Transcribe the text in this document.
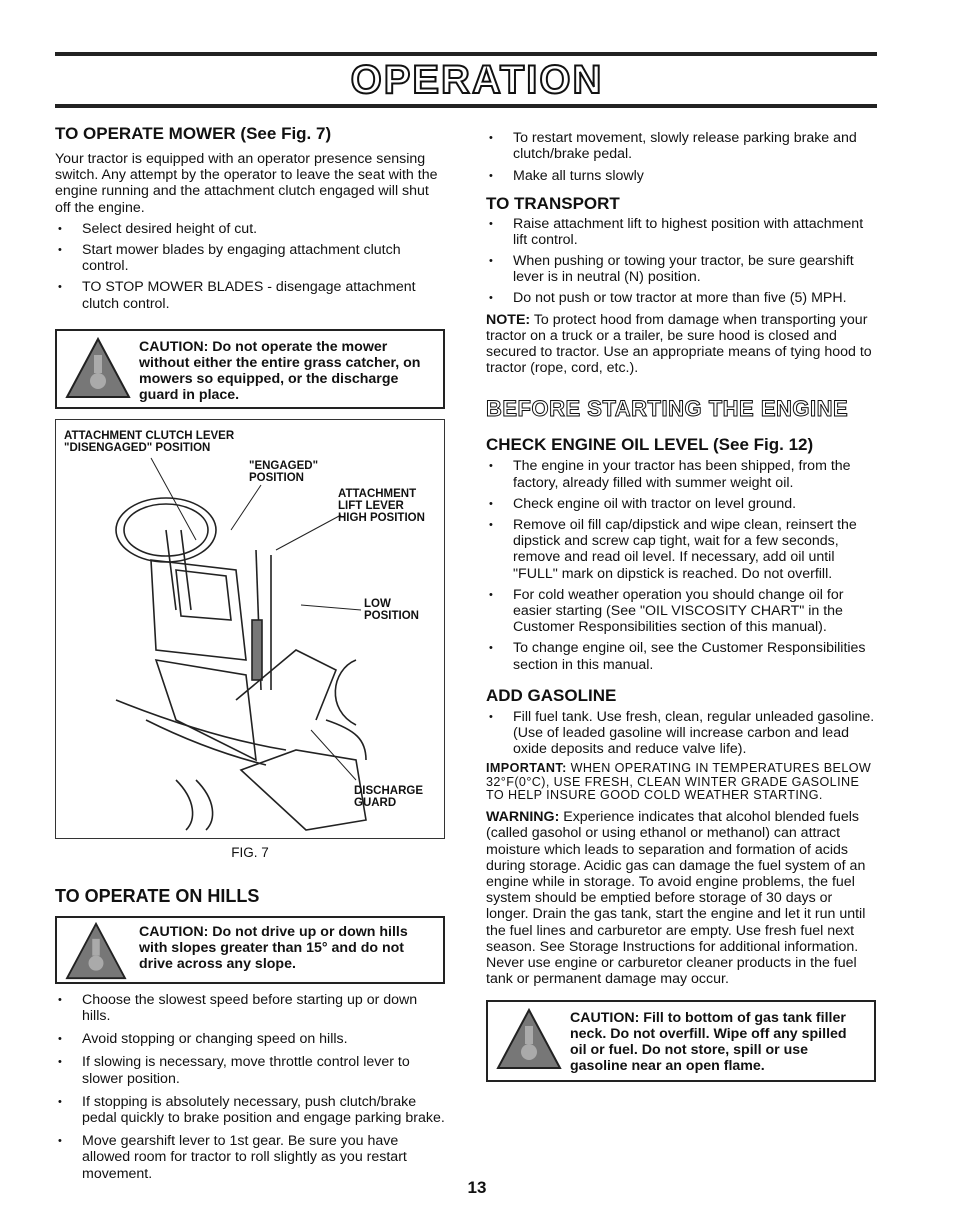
OPERATION
TO OPERATE MOWER (See Fig. 7)

Your tractor is equipped with an operator presence sensing switch. Any attempt by the operator to leave the seat with the engine running and the attachment clutch engaged will shut off the engine.

• Select desired height of cut.
• Start mower blades by engaging attachment clutch control.
• TO STOP MOWER BLADES - disengage attachment clutch control.
CAUTION: Do not operate the mower without either the entire grass catcher, on mowers so equipped, or the discharge guard in place.
ATTACHMENT CLUTCH LEVER
"DISENGAGED" POSITION
"ENGAGED"
POSITION
ATTACHMENT
LIFT LEVER
HIGH POSITION
LOW
POSITION
DISCHARGE
GUARD
FIG. 7
TO OPERATE ON HILLS
CAUTION: Do not drive up or down hills with slopes greater than 15° and do not drive across any slope.
• Choose the slowest speed before starting up or down hills.
• Avoid stopping or changing speed on hills.
• If slowing is necessary, move throttle control lever to slower position.
• If stopping is absolutely necessary, push clutch/brake pedal quickly to brake position and engage parking brake.
• Move gearshift lever to 1st gear. Be sure you have allowed room for tractor to roll slightly as you restart movement.
• To restart movement, slowly release parking brake and clutch/brake pedal.
• Make all turns slowly
TO TRANSPORT
• Raise attachment lift to highest position with attachment lift control.
• When pushing or towing your tractor, be sure gearshift lever is in neutral (N) position.
• Do not push or tow tractor at more than five (5) MPH.

NOTE: To protect hood from damage when transporting your tractor on a truck or a trailer, be sure hood is closed and secured to tractor. Use an appropriate means of tying hood to tractor (rope, cord, etc.).

BEFORE STARTING THE ENGINE
CHECK ENGINE OIL LEVEL (See Fig. 12)
• The engine in your tractor has been shipped, from the factory, already filled with summer weight oil.
• Check engine oil with tractor on level ground.
• Remove oil fill cap/dipstick and wipe clean, reinsert the dipstick and screw cap tight, wait for a few seconds, remove and read oil level. If necessary, add oil until "FULL" mark on dipstick is reached. Do not overfill.
• For cold weather operation you should change oil for easier starting (See "OIL VISCOSITY CHART" in the Customer Responsibilities section of this manual).
• To change engine oil, see the Customer Responsibilities section in this manual.
ADD GASOLINE
• Fill fuel tank. Use fresh, clean, regular unleaded gasoline. (Use of leaded gasoline will increase carbon and lead oxide deposits and reduce valve life).

IMPORTANT: WHEN OPERATING IN TEMPERATURES BELOW 32°F(0°C), USE FRESH, CLEAN WINTER GRADE GASOLINE TO HELP INSURE GOOD COLD WEATHER STARTING.

WARNING: Experience indicates that alcohol blended fuels (called gasohol or using ethanol or methanol) can attract moisture which leads to separation and formation of acids during storage. Acidic gas can damage the fuel system of an engine while in storage. To avoid engine problems, the fuel system should be emptied before storage of 30 days or longer. Drain the gas tank, start the engine and let it run until the fuel lines and carburetor are empty. Use fresh fuel next season. See Storage Instructions for additional information. Never use engine or carburetor cleaner products in the fuel tank or permanent damage may occur.

CAUTION: Fill to bottom of gas tank filler neck. Do not overfill. Wipe off any spilled oil or fuel. Do not store, spill or use gasoline near an open flame.
13
